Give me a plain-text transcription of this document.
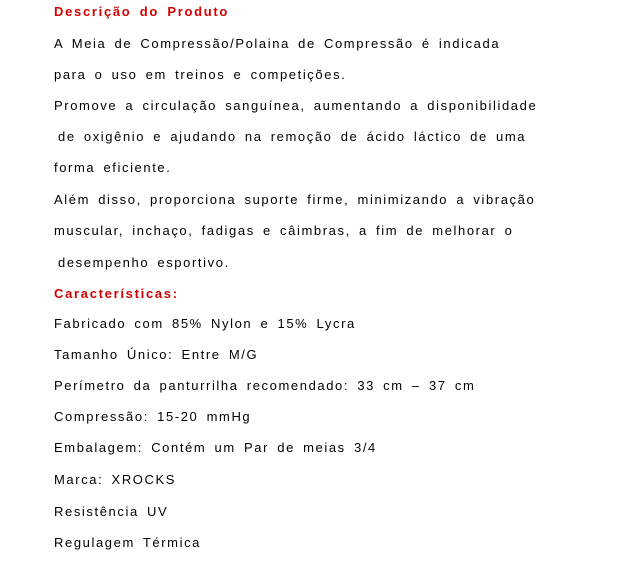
Descrição do Produto
A Meia de Compressão/Polaina de Compressão é indicada
para o uso em treinos e competições.
Promove a circulação sanguínea, aumentando a disponibilidade
de oxigênio e ajudando na remoção de ácido láctico de uma
forma eficiente.
Além disso, proporciona suporte firme, minimizando a vibração
muscular, inchaço, fadigas e câimbras, a fim de melhorar o
desempenho esportivo.
Características:
Fabricado com 85% Nylon e 15% Lycra
Tamanho Único: Entre M/G
Perímetro da panturrilha recomendado: 33 cm – 37 cm
Compressão: 15-20 mmHg
Embalagem: Contém um Par de meias 3/4
Marca: XROCKS
Resistência UV
Regulagem Térmica
